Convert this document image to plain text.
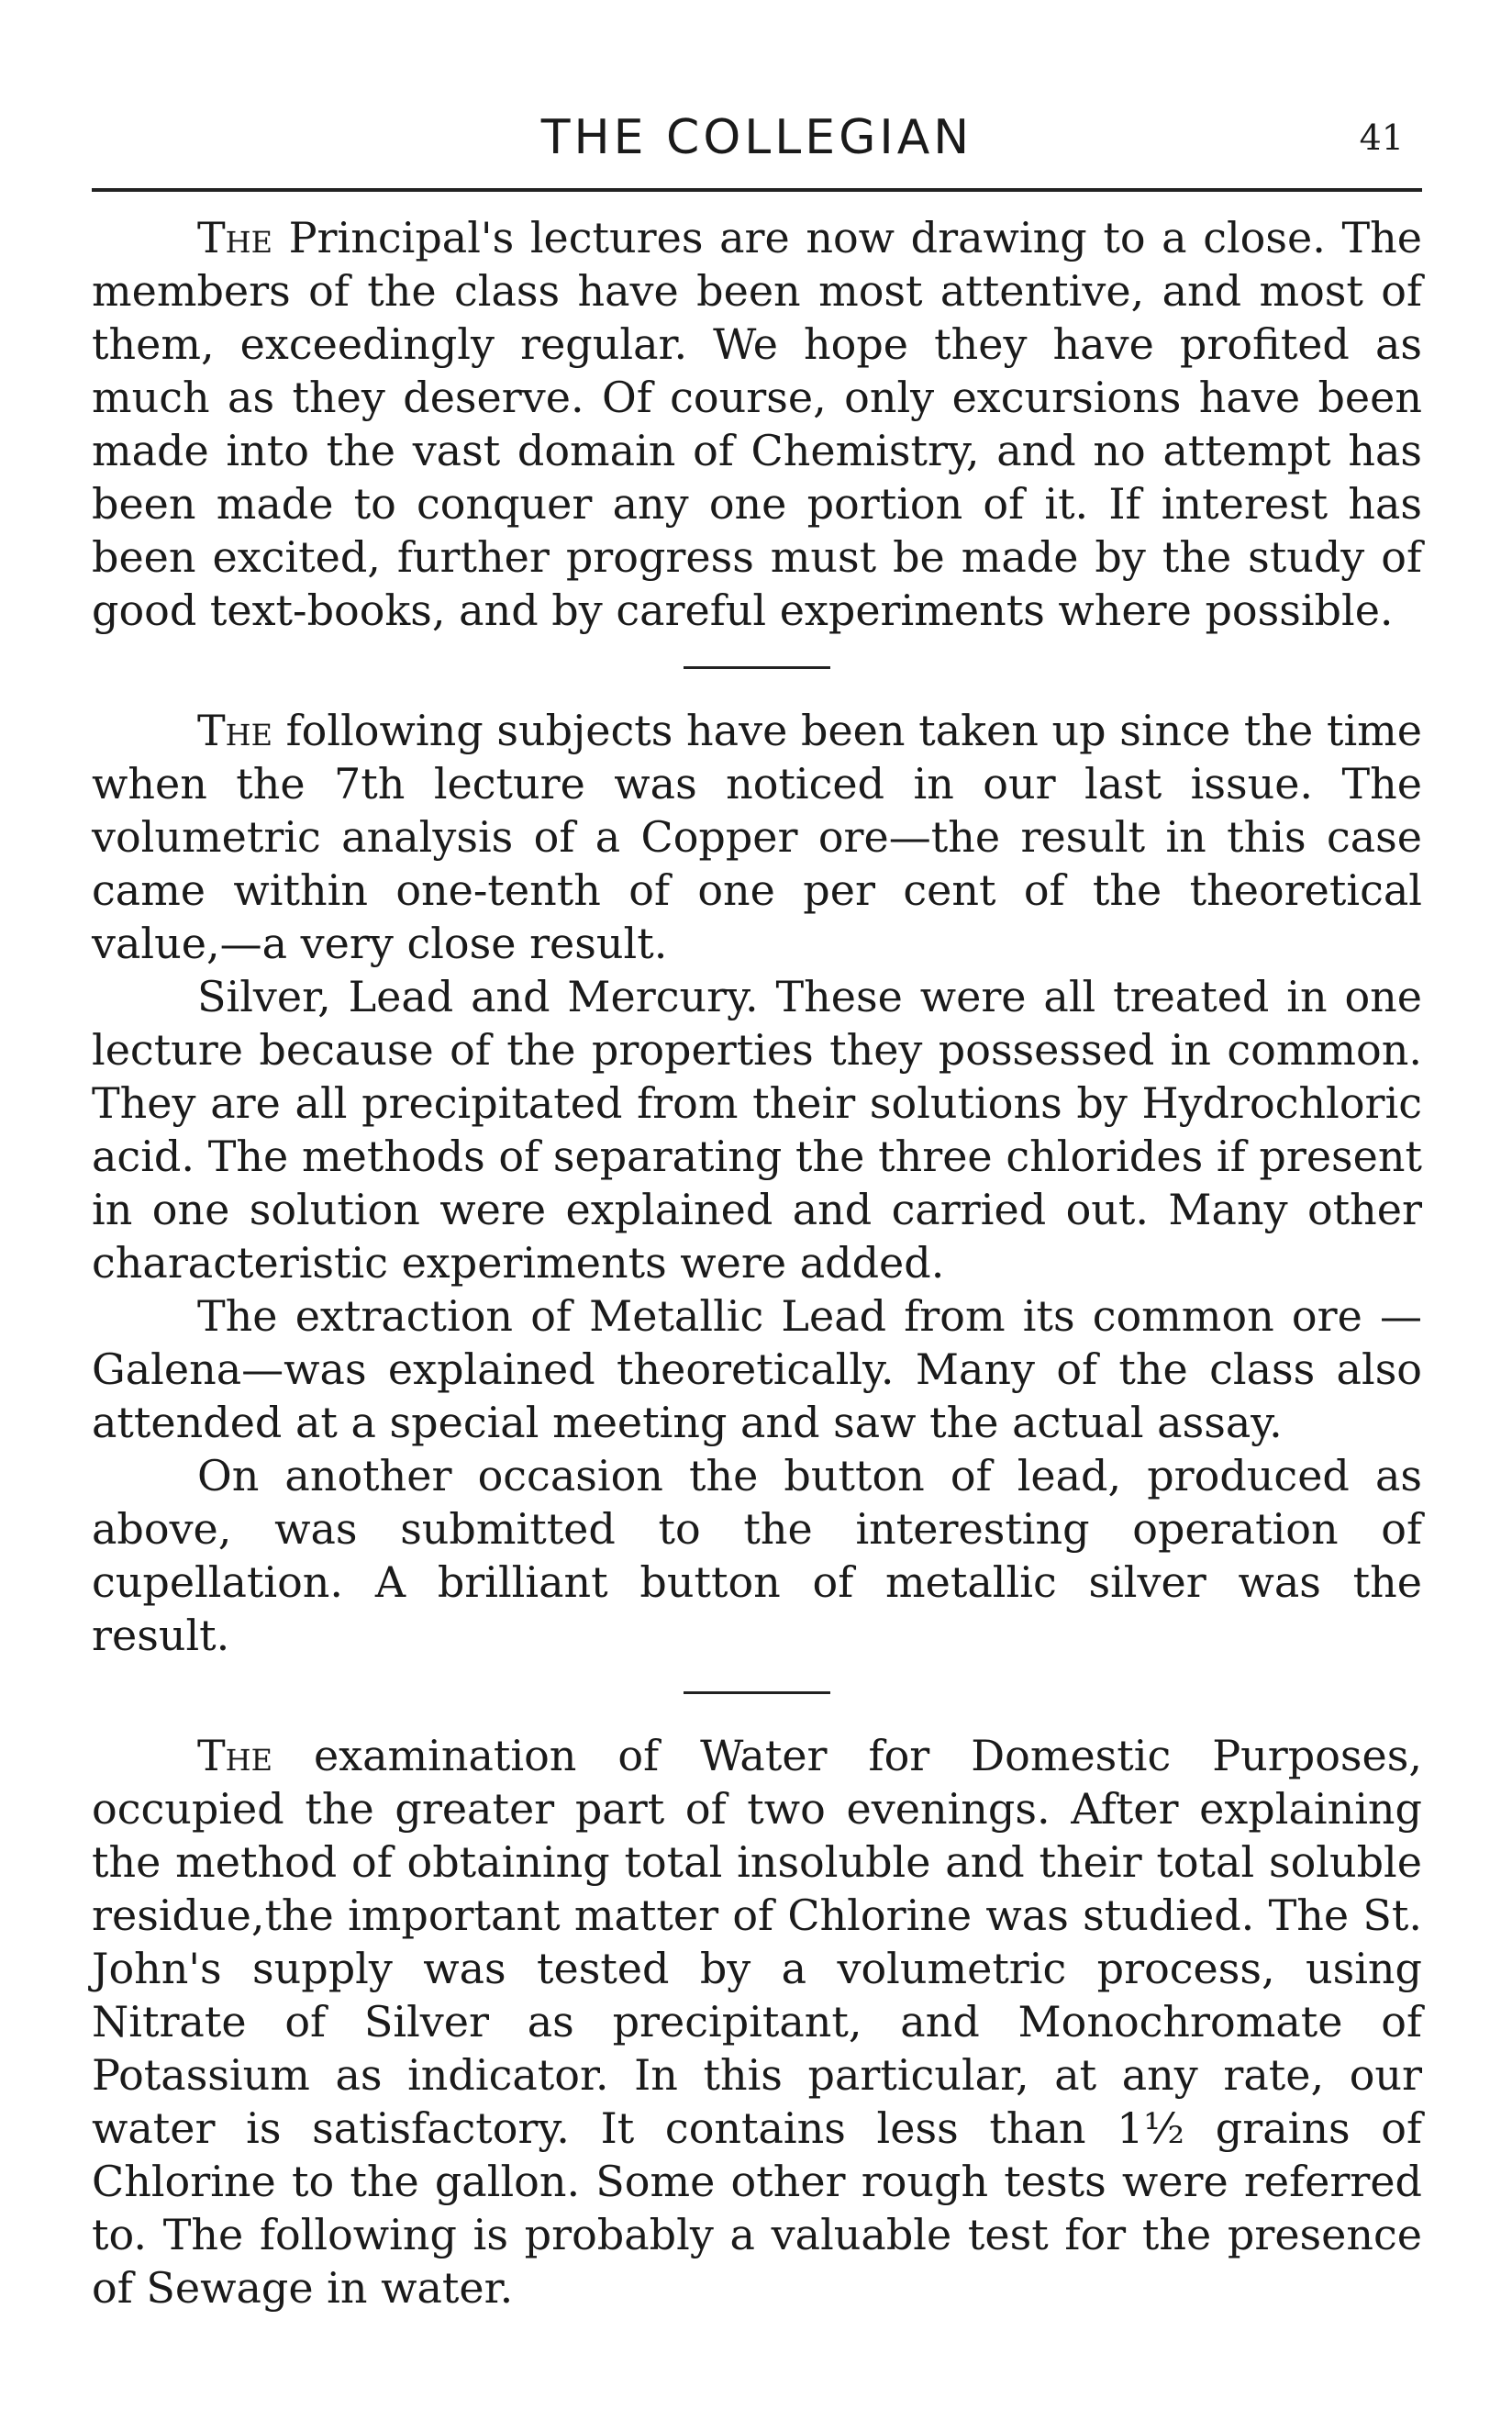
THE COLLEGIAN	41

The Principal's lectures are now drawing to a close. The members of the class have been most attentive, and most of them, exceedingly regular. We hope they have profited as much as they deserve. Of course, only excursions have been made into the vast domain of Chemistry, and no attempt has been made to conquer any one portion of it. If interest has been excited, further progress must be made by the study of good text-books, and by careful experiments where possible.

The following subjects have been taken up since the time when the 7th lecture was noticed in our last issue. The volumetric analysis of a Copper ore—the result in this case came within one-tenth of one per cent of the theoretical value,—a very close result.

Silver, Lead and Mercury. These were all treated in one lecture because of the properties they possessed in common. They are all precipitated from their solutions by Hydrochloric acid. The methods of separating the three chlorides if present in one solution were explained and carried out. Many other characteristic experiments were added.

The extraction of Metallic Lead from its common ore —Galena—was explained theoretically. Many of the class also attended at a special meeting and saw the actual assay.

On another occasion the button of lead, produced as above, was submitted to the interesting operation of cupellation. A brilliant button of metallic silver was the result.

The examination of Water for Domestic Purposes, occupied the greater part of two evenings. After explaining the method of obtaining total insoluble and their total soluble residue,the important matter of Chlorine was studied. The St. John's supply was tested by a volumetric process, using Nitrate of Silver as precipitant, and Monochromate of Potassium as indicator. In this particular, at any rate, our water is satisfactory. It contains less than 1½ grains of Chlorine to the gallon. Some other rough tests were referred to. The following is probably a valuable test for the presence of Sewage in water.
